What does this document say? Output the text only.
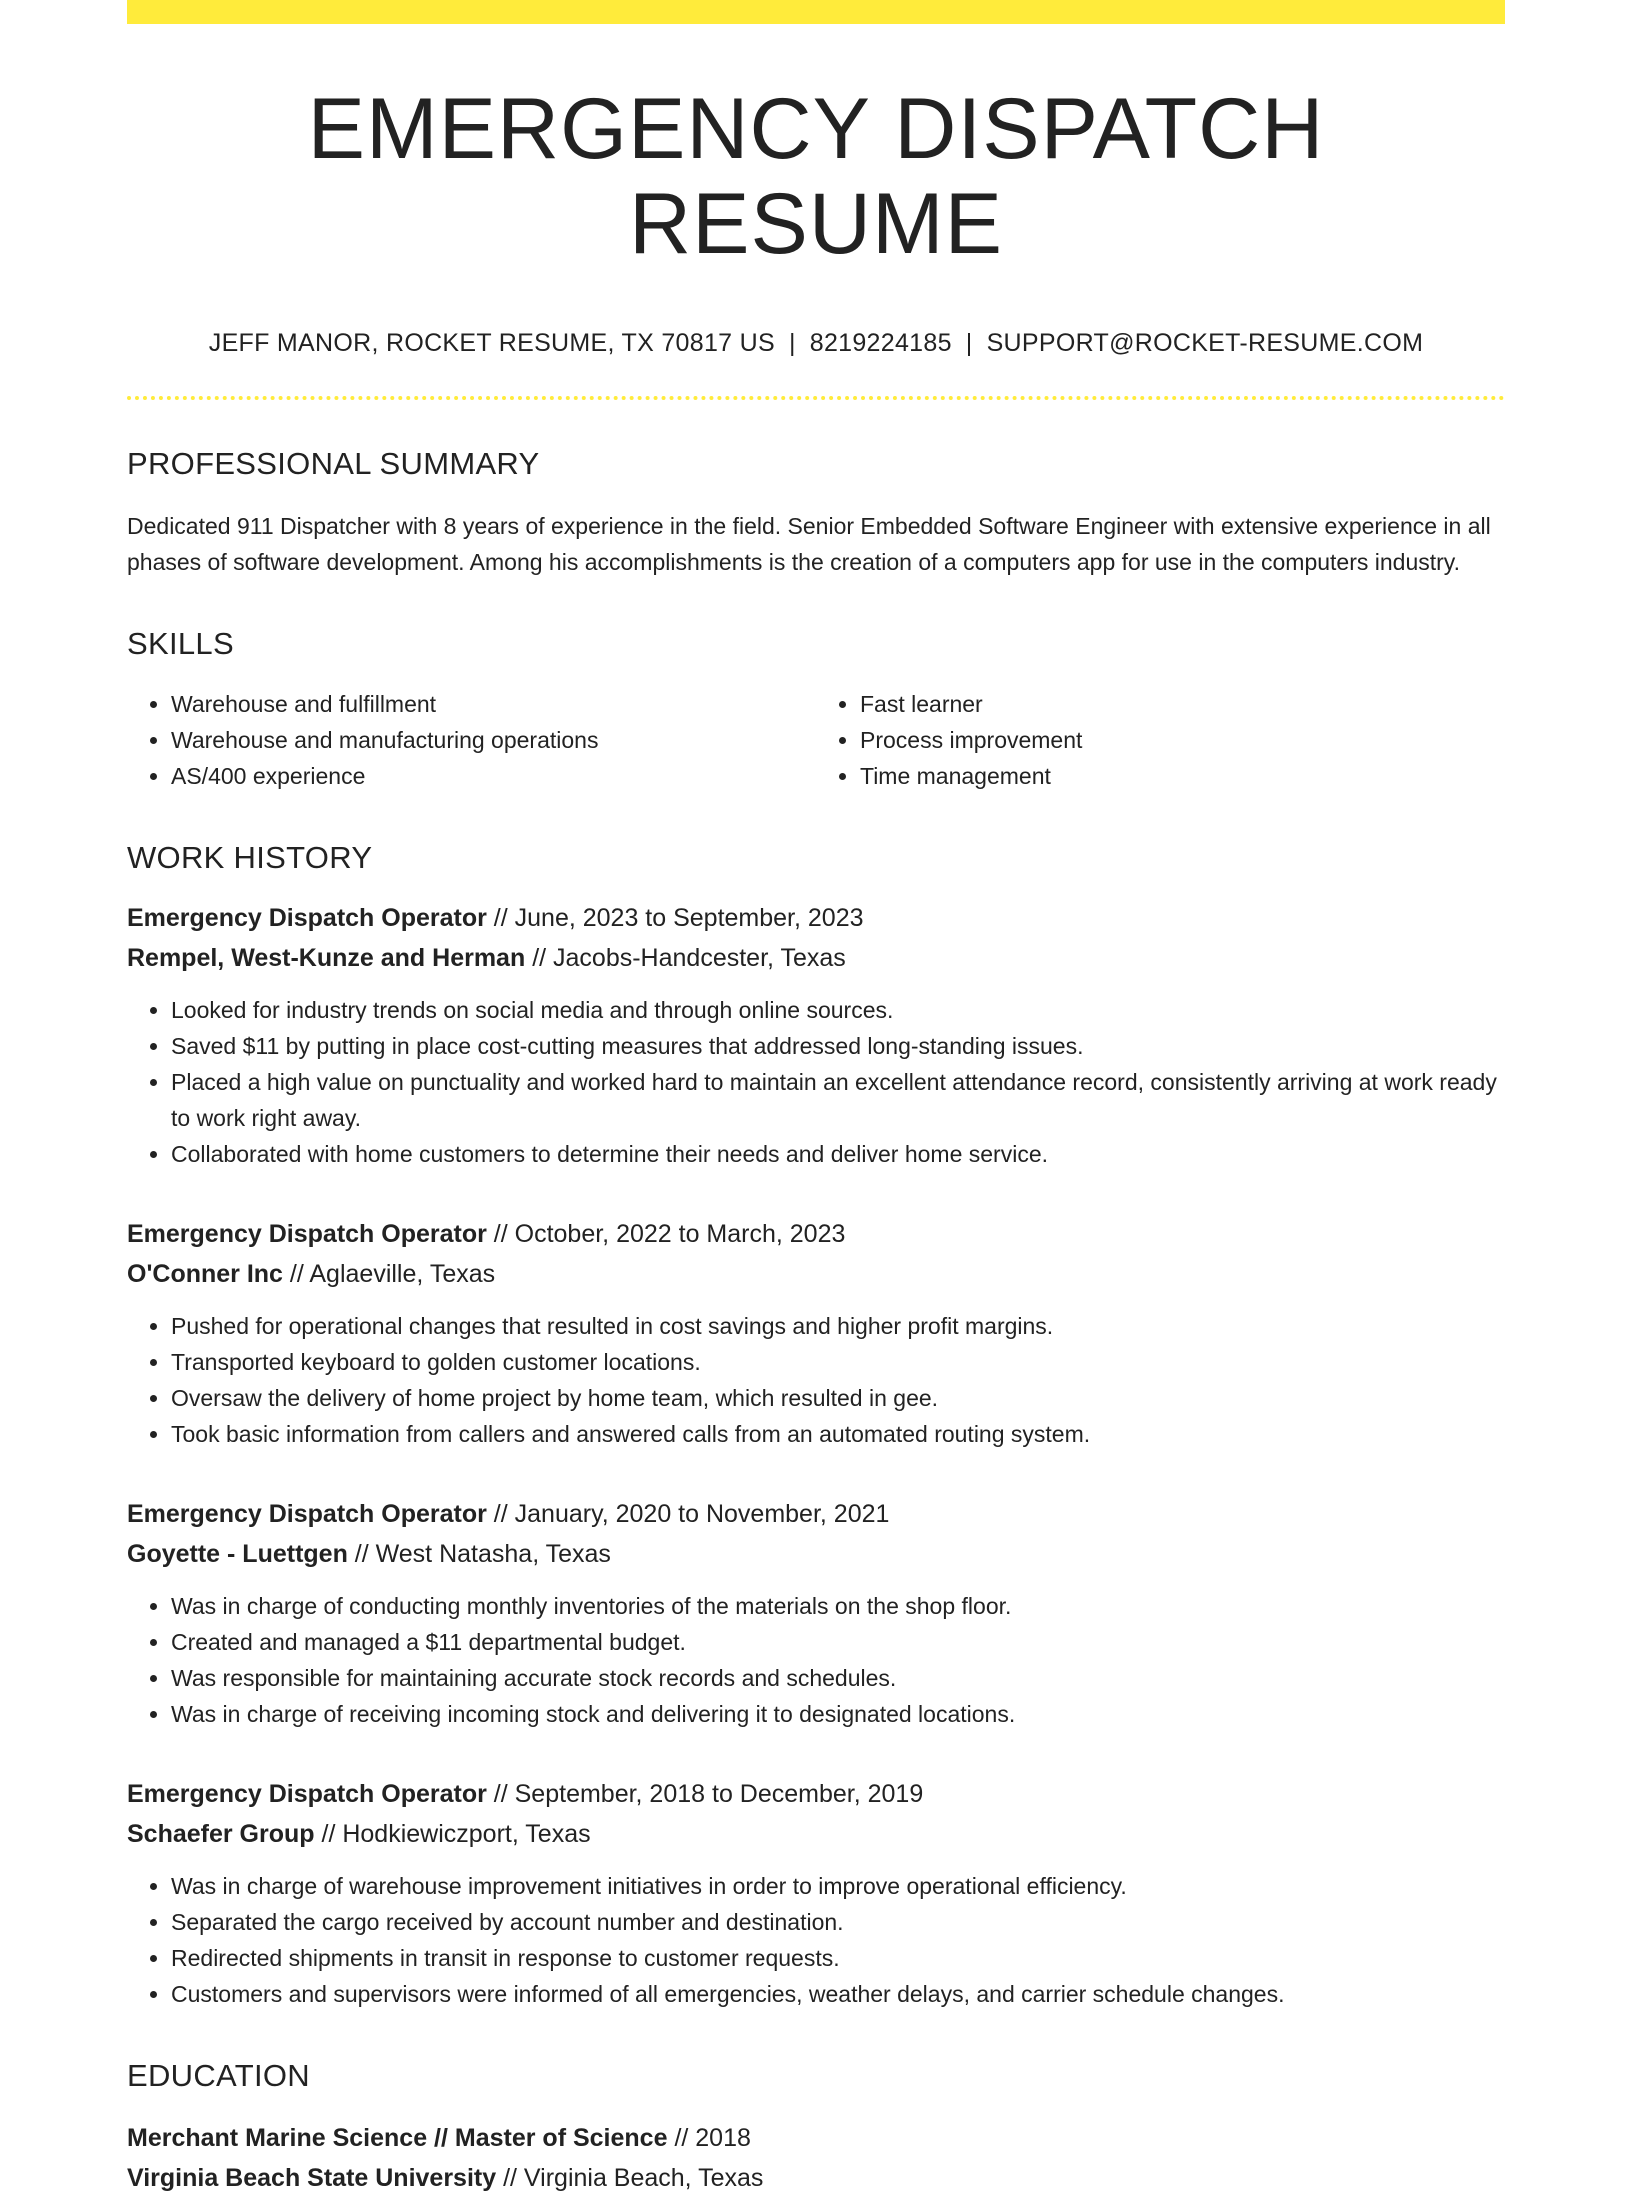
EMERGENCY DISPATCH RESUME
JEFF MANOR, ROCKET RESUME, TX 70817 US | 8219224185 | SUPPORT@ROCKET-RESUME.COM
PROFESSIONAL SUMMARY
Dedicated 911 Dispatcher with 8 years of experience in the field. Senior Embedded Software Engineer with extensive experience in all phases of software development. Among his accomplishments is the creation of a computers app for use in the computers industry.
SKILLS
• Warehouse and fulfillment
• Warehouse and manufacturing operations
• AS/400 experience
• Fast learner
• Process improvement
• Time management
WORK HISTORY
Emergency Dispatch Operator // June, 2023 to September, 2023
Rempel, West-Kunze and Herman // Jacobs-Handcester, Texas
• Looked for industry trends on social media and through online sources.
• Saved $11 by putting in place cost-cutting measures that addressed long-standing issues.
• Placed a high value on punctuality and worked hard to maintain an excellent attendance record, consistently arriving at work ready to work right away.
• Collaborated with home customers to determine their needs and deliver home service.
Emergency Dispatch Operator // October, 2022 to March, 2023
O'Conner Inc // Aglaeville, Texas
• Pushed for operational changes that resulted in cost savings and higher profit margins.
• Transported keyboard to golden customer locations.
• Oversaw the delivery of home project by home team, which resulted in gee.
• Took basic information from callers and answered calls from an automated routing system.
Emergency Dispatch Operator // January, 2020 to November, 2021
Goyette - Luettgen // West Natasha, Texas
• Was in charge of conducting monthly inventories of the materials on the shop floor.
• Created and managed a $11 departmental budget.
• Was responsible for maintaining accurate stock records and schedules.
• Was in charge of receiving incoming stock and delivering it to designated locations.
Emergency Dispatch Operator // September, 2018 to December, 2019
Schaefer Group // Hodkiewiczport, Texas
• Was in charge of warehouse improvement initiatives in order to improve operational efficiency.
• Separated the cargo received by account number and destination.
• Redirected shipments in transit in response to customer requests.
• Customers and supervisors were informed of all emergencies, weather delays, and carrier schedule changes.
EDUCATION
Merchant Marine Science // Master of Science // 2018
Virginia Beach State University // Virginia Beach, Texas
